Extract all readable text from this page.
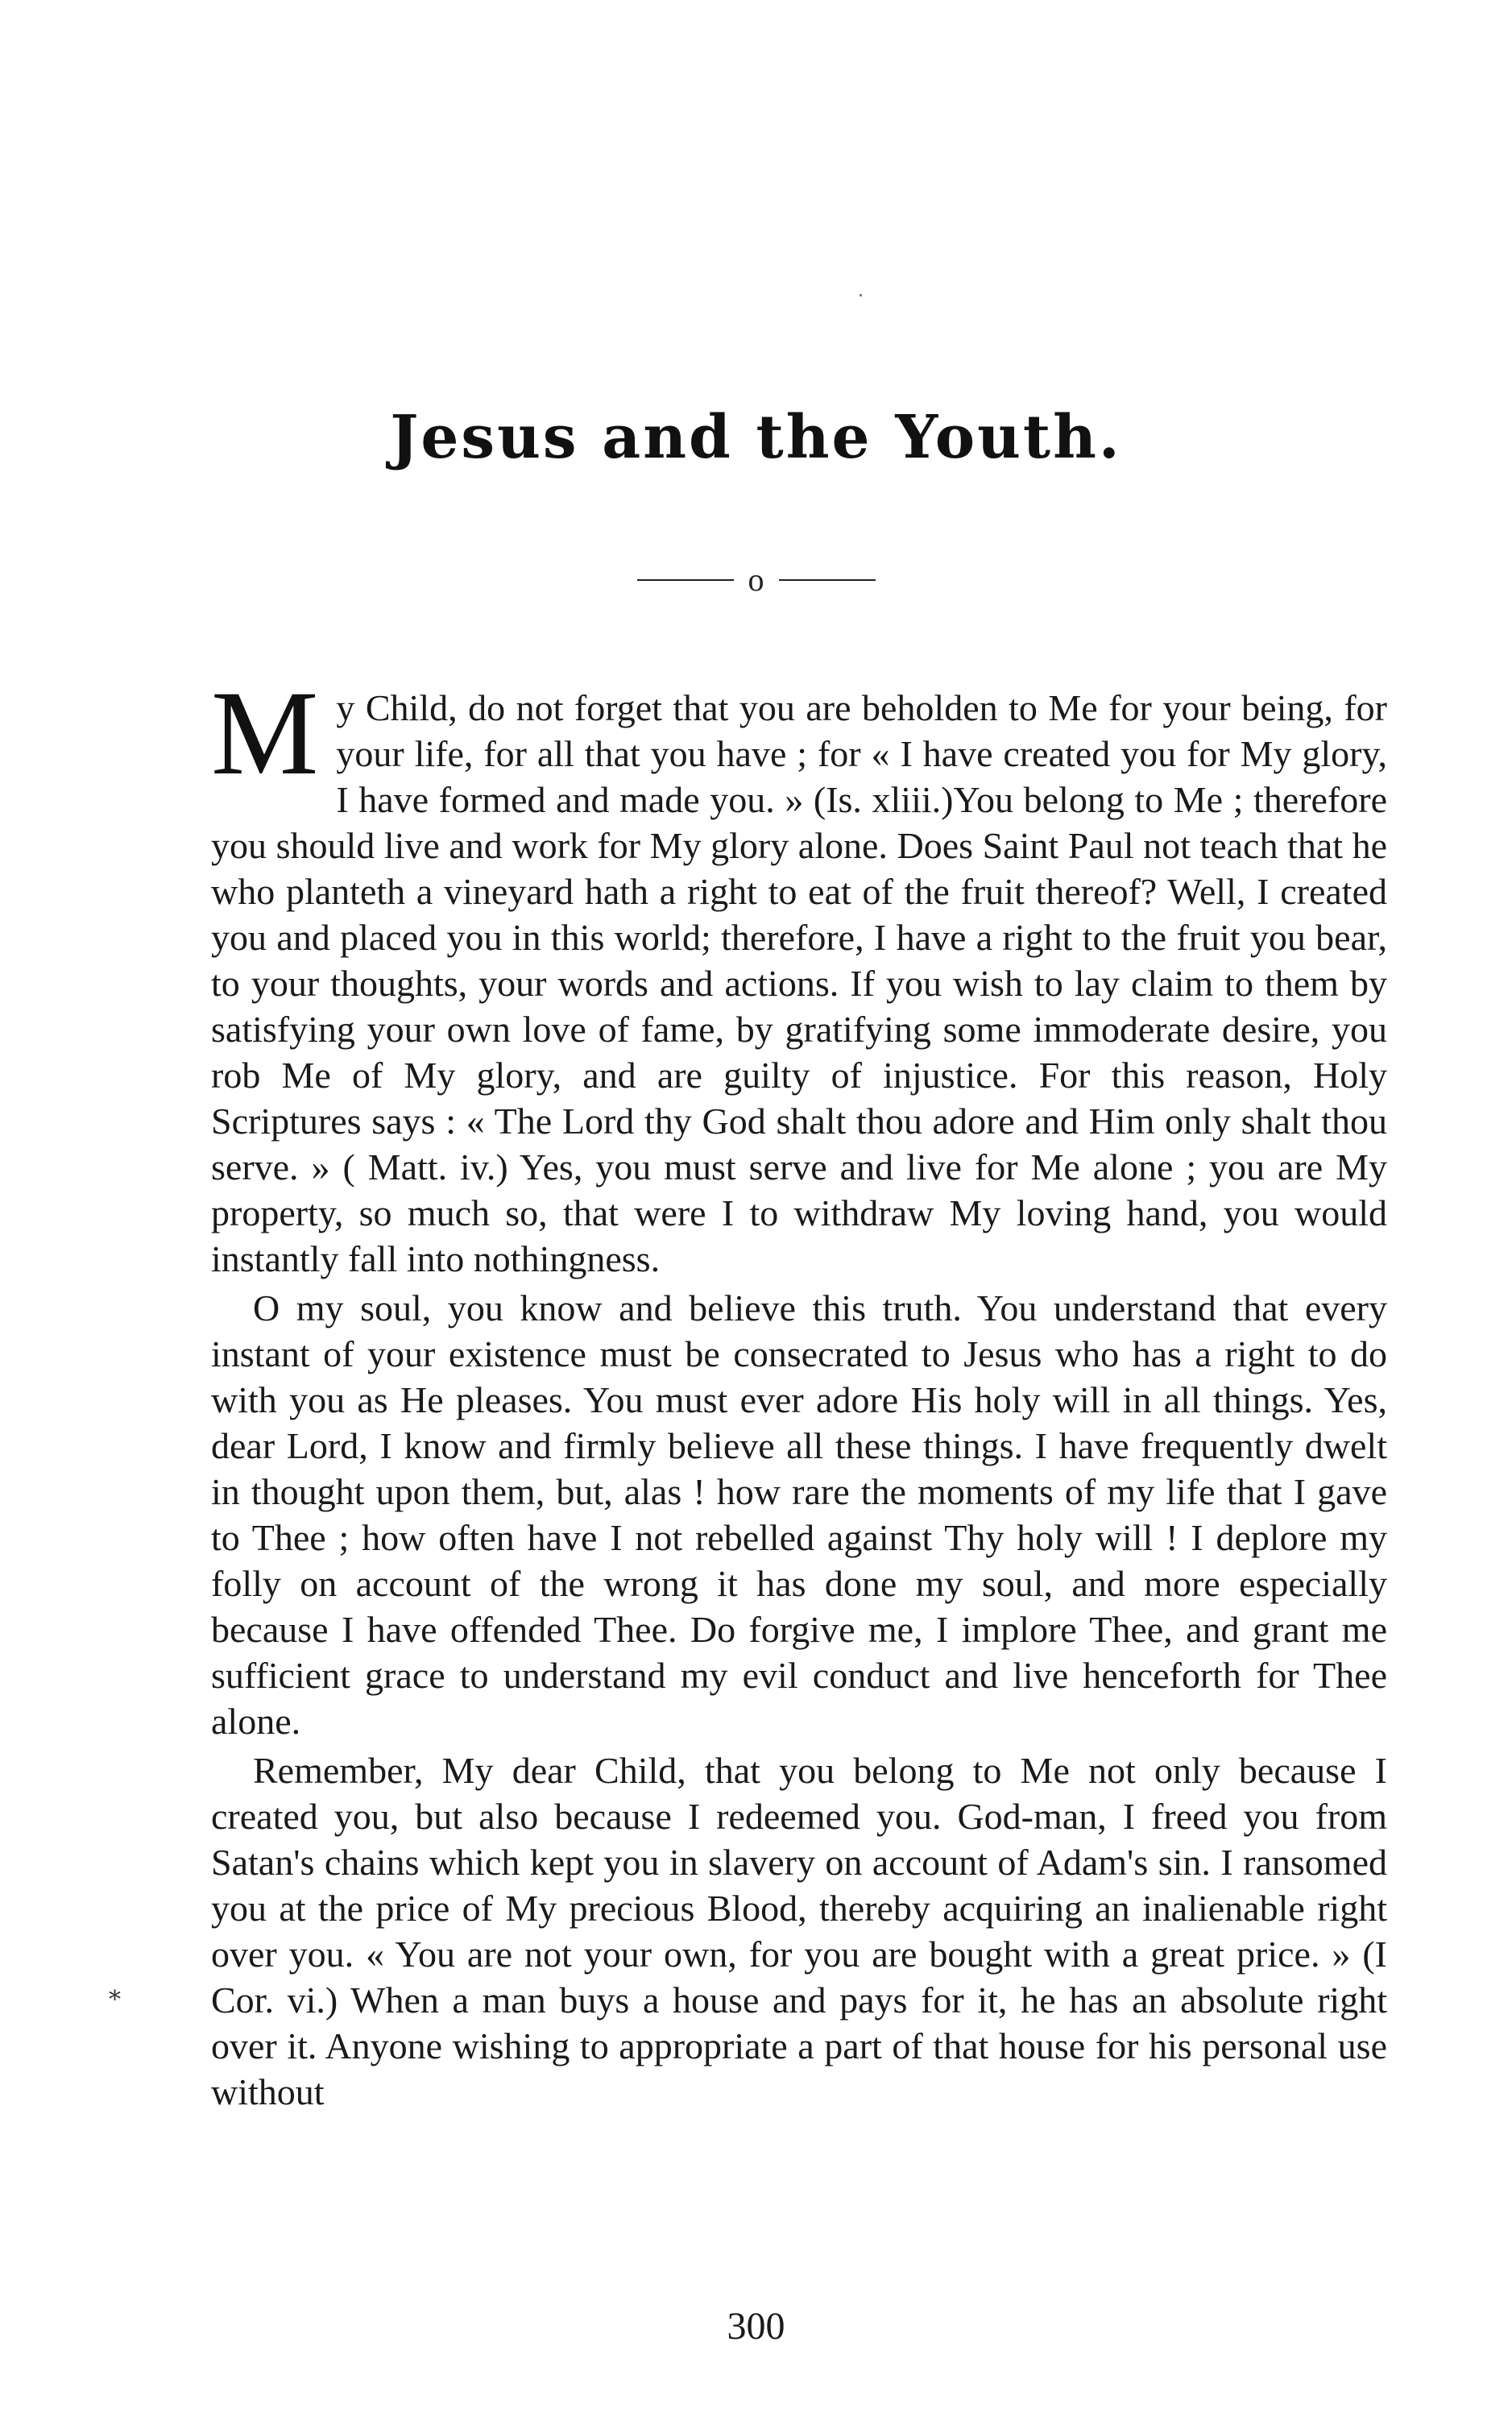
Jesus and the Youth.
o

My Child, do not forget that you are beholden to Me for your being, for your life, for all that you have ; for « I have created you for My glory, I have formed and made you. » (Is. xliii.)You belong to Me ; therefore you should live and work for My glory alone. Does Saint Paul not teach that he who planteth a vineyard hath a right to eat of the fruit thereof? Well, I created you and placed you in this world; therefore, I have a right to the fruit you bear, to your thoughts, your words and actions. If you wish to lay claim to them by satisfying your own love of fame, by gratifying some immoderate desire, you rob Me of My glory, and are guilty of injustice. For this reason, Holy Scriptures says : « The Lord thy God shalt thou adore and Him only shalt thou serve. » ( Matt. iv.) Yes, you must serve and live for Me alone ; you are My property, so much so, that were I to withdraw My loving hand, you would instantly fall into nothingness.

O my soul, you know and believe this truth. You understand that every instant of your existence must be consecrated to Jesus who has a right to do with you as He pleases. You must ever adore His holy will in all things. Yes, dear Lord, I know and firmly believe all these things. I have frequently dwelt in thought upon them, but, alas ! how rare the moments of my life that I gave to Thee ; how often have I not rebelled against Thy holy will ! I deplore my folly on account of the wrong it has done my soul, and more especially because I have offended Thee. Do forgive me, I implore Thee, and grant me sufficient grace to understand my evil conduct and live henceforth for Thee alone.

Remember, My dear Child, that you belong to Me not only because I created you, but also because I redeemed you. God-man, I freed you from Satan's chains which kept you in slavery on account of Adam's sin. I ransomed you at the price of My precious Blood, thereby acquiring an inalienable right over you. « You are not your own, for you are bought with a great price. » (I Cor. vi.) When a man buys a house and pays for it, he has an absolute right over it. Anyone wishing to appropriate a part of that house for his personal use without

⁎
300
